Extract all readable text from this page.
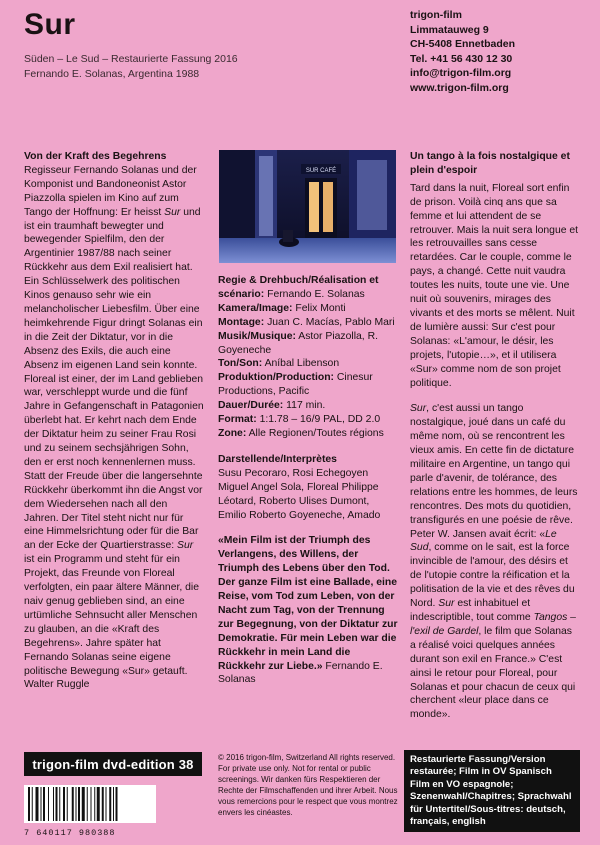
Sur
Süden – Le Sud – Restaurierte Fassung 2016
Fernando E. Solanas, Argentina 1988
trigon-film
Limmatauweg 9
CH-5408 Ennetbaden
Tel. +41 56 430 12 30
info@trigon-film.org
www.trigon-film.org
Von der Kraft des Begehrens

Regisseur Fernando Solanas und der Komponist und Bandoneonist Astor Piazzolla spielen im Kino auf zum Tango der Hoffnung: Er heisst Sur und ist ein traumhaft bewegter und bewegender Spielfilm, den der Argentinier 1987/88 nach seiner Rückkehr aus dem Exil realisiert hat. Ein Schlüsselwerk des politischen Kinos genauso sehr wie ein melancholischer Liebesfilm. Über eine heimkehrende Figur dringt Solanas ein in die Zeit der Diktatur, vor in die Absenz des Exils, die auch eine Absenz im eigenen Land sein konnte. Floreal ist einer, der im Land geblieben war, verschleppt wurde und die fünf Jahre in Gefangenschaft in Patagonien überlebt hat. Er kehrt nach dem Ende der Diktatur heim zu seiner Frau Rosi und zu seinem sechsjährigen Sohn, den er erst noch kennenlernen muss. Statt der Freude über die langersehnte Rückkehr überkommt ihn die Angst vor dem Wiedersehen nach all den Jahren. Der Titel steht nicht nur für eine Himmelsrichtung oder für die Bar an der Ecke der Quartierstrasse: Sur ist ein Programm und steht für ein Projekt, das Freunde von Floreal verfolgten, ein paar ältere Männer, die naiv genug geblieben sind, an eine urtümliche Sehnsucht aller Menschen zu glauben, an die «Kraft des Begehrens». Jahre später hat Fernando Solanas seine eigene politische Bewegung «Sur» getauft.

Walter Ruggle

SUR CAFÉ

Regie & Drehbuch/Réalisation et scénario: Fernando E. Solanas

Kamera/Image: Felix Monti

Montage: Juan C. Macías, Pablo Mari

Musik/Musique: Astor Piazolla, R. Goyeneche

Ton/Son: Aníbal Libenson

Produktion/Production: Cinesur Productions, Pacific

Dauer/Durée: 117 min.

Format: 1:1.78 – 16/9 PAL, DD 2.0

Zone: Alle Regionen/Toutes régions

Darstellende/Interprètes

Susu Pecoraro, Rosi Echegoyen Miguel Angel Sola, Floreal Philippe Léotard, Roberto Ulises Dumont, Emilio Roberto Goyeneche, Amado

«Mein Film ist der Triumph des Verlangens, des Willens, der Triumph des Lebens über den Tod. Der ganze Film ist eine Ballade, eine Reise, vom Tod zum Leben, von der Nacht zum Tag, von der Trennung zur Begegnung, von der Diktatur zur Demokratie. Für mein Leben war die Rückkehr in mein Land die Rückkehr zur Liebe.» Fernando E. Solanas

Un tango à la fois nostalgique et plein d'espoir

Tard dans la nuit, Floreal sort enfin de prison. Voilà cinq ans que sa femme et lui attendent de se retrouver. Mais la nuit sera longue et les retrouvailles sans cesse retardées. Car le couple, comme le pays, a changé. Cette nuit vaudra toutes les nuits, toute une vie. Une nuit où souvenirs, mirages des vivants et des morts se mêlent. Nuit de lumière aussi: Sur c'est pour Solanas: «L'amour, le désir, les projets, l'utopie…», et il utilisera «Sur» comme nom de son projet politique.

Sur, c'est aussi un tango nostalgique, joué dans un café du même nom, où se rencontrent les vieux amis. En cette fin de dictature militaire en Argentine, un tango qui parle d'avenir, de tolérance, des relations entre les hommes, de leurs rencontres. Des mots du quotidien, transfigurés en une poésie de rêve. Peter W. Jansen avait écrit: «Le Sud, comme on le sait, est la force invincible de l'amour, des désirs et de l'utopie contre la réification et la politisation de la vie et des rêves du Nord. Sur est inhabituel et indescriptible, tout comme Tangos – l'exil de Gardel, le film que Solanas a réalisé voici quelques années durant son exil en France.» C'est ainsi le retour pour Floreal, pour Solanas et pour chacun de ceux qui cherchent «leur place dans ce monde».

trigon-film dvd-edition 38	© 2016 trigon-film, Switzerland All rights reserved. For private use only. Not for rental or public screenings. Wir danken fürs Respektieren der Rechte der Filmschaffenden und ihrer Arbeit. Nous vous remercions pour le respect que vous montrez envers les cinéastes.
7 640117 980388
Restaurierte Fassung/Version restaurée; Film in OV Spanisch Film en VO espagnole; Szenenwahl/Chapitres; Sprachwahl für Untertitel/Sous-titres: deutsch, français, english
